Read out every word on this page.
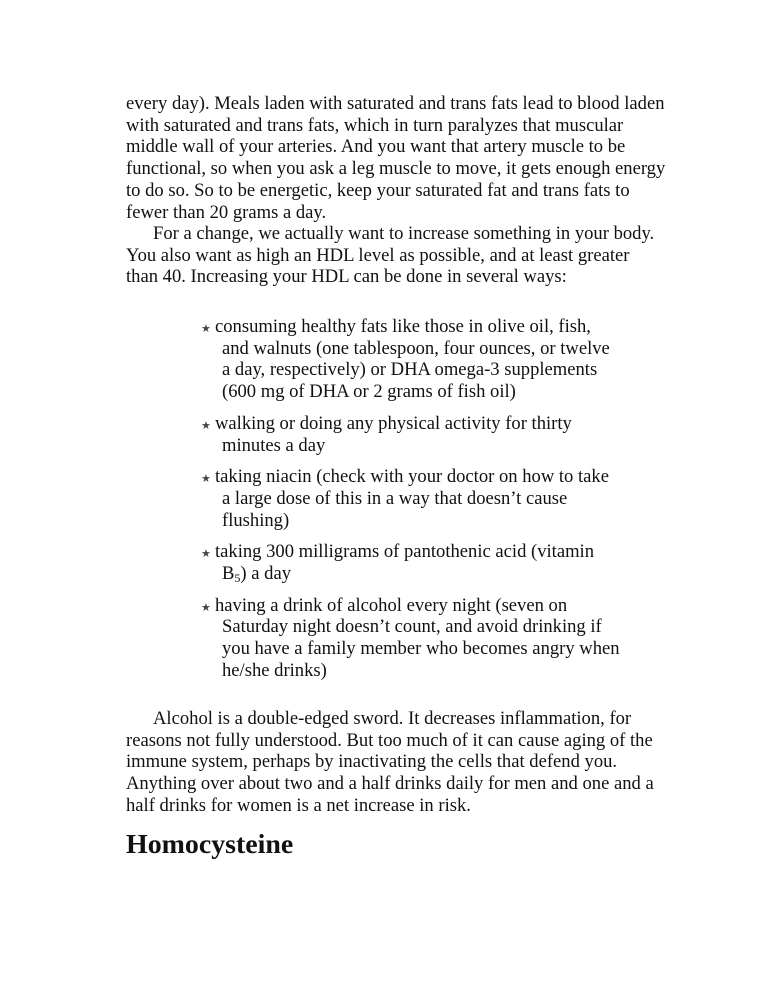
every day). Meals laden with saturated and trans fats lead to blood laden
with saturated and trans fats, which in turn paralyzes that muscular
middle wall of your arteries. And you want that artery muscle to be
functional, so when you ask a leg muscle to move, it gets enough energy
to do so. So to be energetic, keep your saturated fat and trans fats to
fewer than 20 grams a day.

For a change, we actually want to increase something in your body.
You also want as high an HDL level as possible, and at least greater
than 40. Increasing your HDL can be done in several ways:

★ consuming healthy fats like those in olive oil, fish,
and walnuts (one tablespoon, four ounces, or twelve
a day, respectively) or DHA omega-3 supplements
(600 mg of DHA or 2 grams of fish oil)
★ walking or doing any physical activity for thirty
minutes a day
★ taking niacin (check with your doctor on how to take
a large dose of this in a way that doesn’t cause
flushing)
★ taking 300 milligrams of pantothenic acid (vitamin
$B_5$) a day
★ having a drink of alcohol every night (seven on
Saturday night doesn’t count, and avoid drinking if
you have a family member who becomes angry when
he/she drinks)

Alcohol is a double-edged sword. It decreases inflammation, for
reasons not fully understood. But too much of it can cause aging of the
immune system, perhaps by inactivating the cells that defend you.
Anything over about two and a half drinks daily for men and one and a
half drinks for women is a net increase in risk.

Homocysteine
